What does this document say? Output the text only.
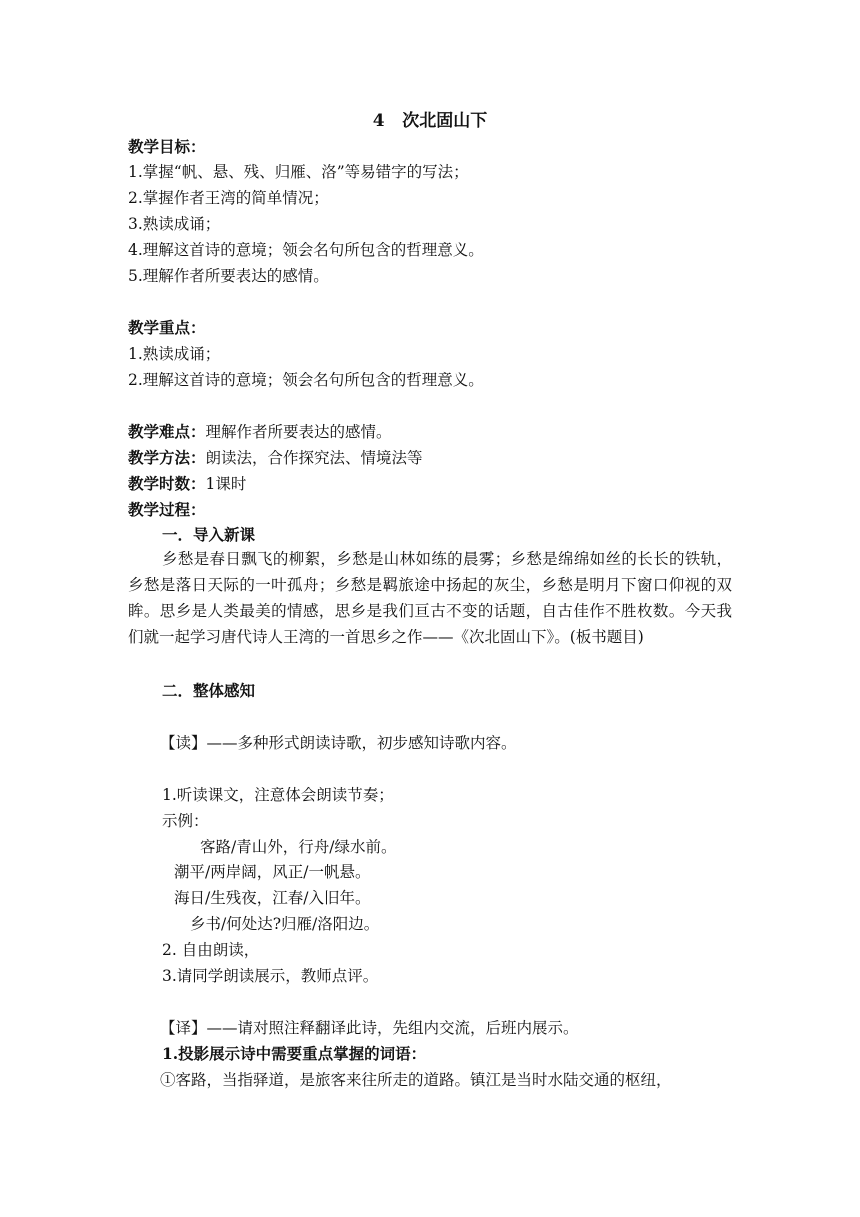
4   次北固山下
教学目标：
1.掌握“帆、悬、残、归雁、洛”等易错字的写法；
2.掌握作者王湾的简单情况；
3.熟读成诵；
4.理解这首诗的意境；领会名句所包含的哲理意义。
5.理解作者所要表达的感情。
教学重点：
1.熟读成诵；
2.理解这首诗的意境；领会名句所包含的哲理意义。
教学难点：理解作者所要表达的感情。
教学方法：朗读法，合作探究法、情境法等
教学时数：1课时
教学过程：
一．导入新课
乡愁是春日飘飞的柳絮，乡愁是山林如练的晨雾；乡愁是绵绵如丝的长长的铁轨，乡愁是落日天际的一叶孤舟；乡愁是羁旅途中扬起的灰尘，乡愁是明月下窗口仰视的双眸。思乡是人类最美的情感，思乡是我们亘古不变的话题，自古佳作不胜枚数。今天我们就一起学习唐代诗人王湾的一首思乡之作——《次北固山下》。(板书题目)
二．整体感知
【读】——多种形式朗读诗歌，初步感知诗歌内容。
1.听读课文，注意体会朗读节奏；
示例：
客路/青山外，行舟/绿水前。
潮平/两岸阔，风正/一帆悬。
海日/生残夜，江春/入旧年。
乡书/何处达?归雁/洛阳边。
2. 自由朗读，
3.请同学朗读展示，教师点评。
【译】——请对照注释翻译此诗，先组内交流，后班内展示。
1.投影展示诗中需要重点掌握的词语：
①客路，当指驿道，是旅客来往所走的道路。镇江是当时水陆交通的枢纽，
